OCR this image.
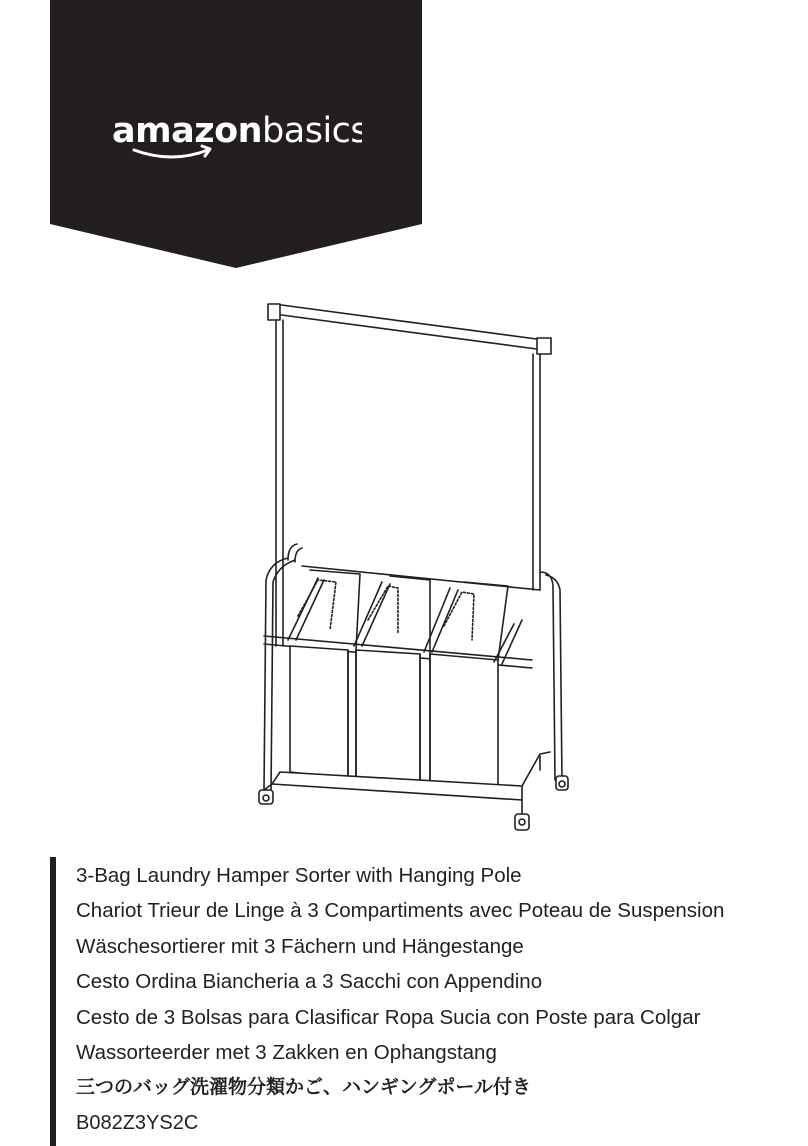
amazonbasics
3-Bag Laundry Hamper Sorter with Hanging Pole
Chariot Trieur de Linge à 3 Compartiments avec Poteau de Suspension
Wäschesortierer mit 3 Fächern und Hängestange
Cesto Ordina Biancheria a 3 Sacchi con Appendino
Cesto de 3 Bolsas para Clasificar Ropa Sucia con Poste para Colgar
Wassorteerder met 3 Zakken en Ophangstang
三つのバッグ洗濯物分類かご、ハンギングポール付き
B082Z3YS2C
